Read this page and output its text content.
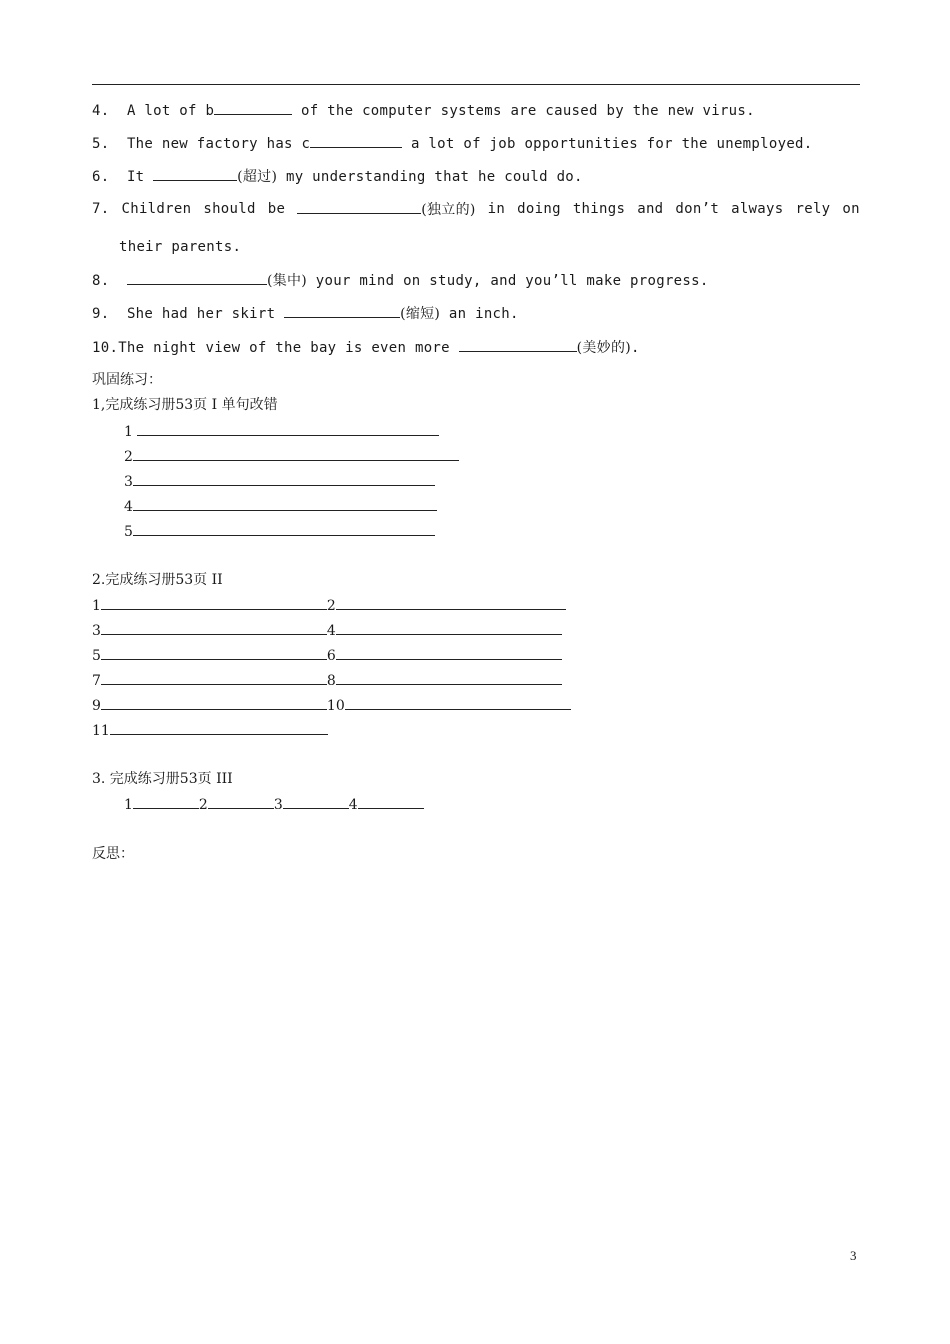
4. A lot of b	of the computer systems are caused by the new virus.
5. The new factory has c	a lot of job opportunities for the unemployed.
6. It	(超过) my understanding that he could do.
7. Children should be	(独立的) in doing things and don’t always rely on
their parents.
8.	(集中) your mind on study, and you’ll make progress.
9. She had her skirt	(缩短) an inch.
10.The night view of the bay is even more	(美妙的).
巩固练习：
1,完成练习册53页 I 单句改错
1
2
3
4
5
2.完成练习册53页 II
1	2
3	4
5	6
7	8
9	10
11
3. 完成练习册53页 III
1	2	3	4
反思：
3
